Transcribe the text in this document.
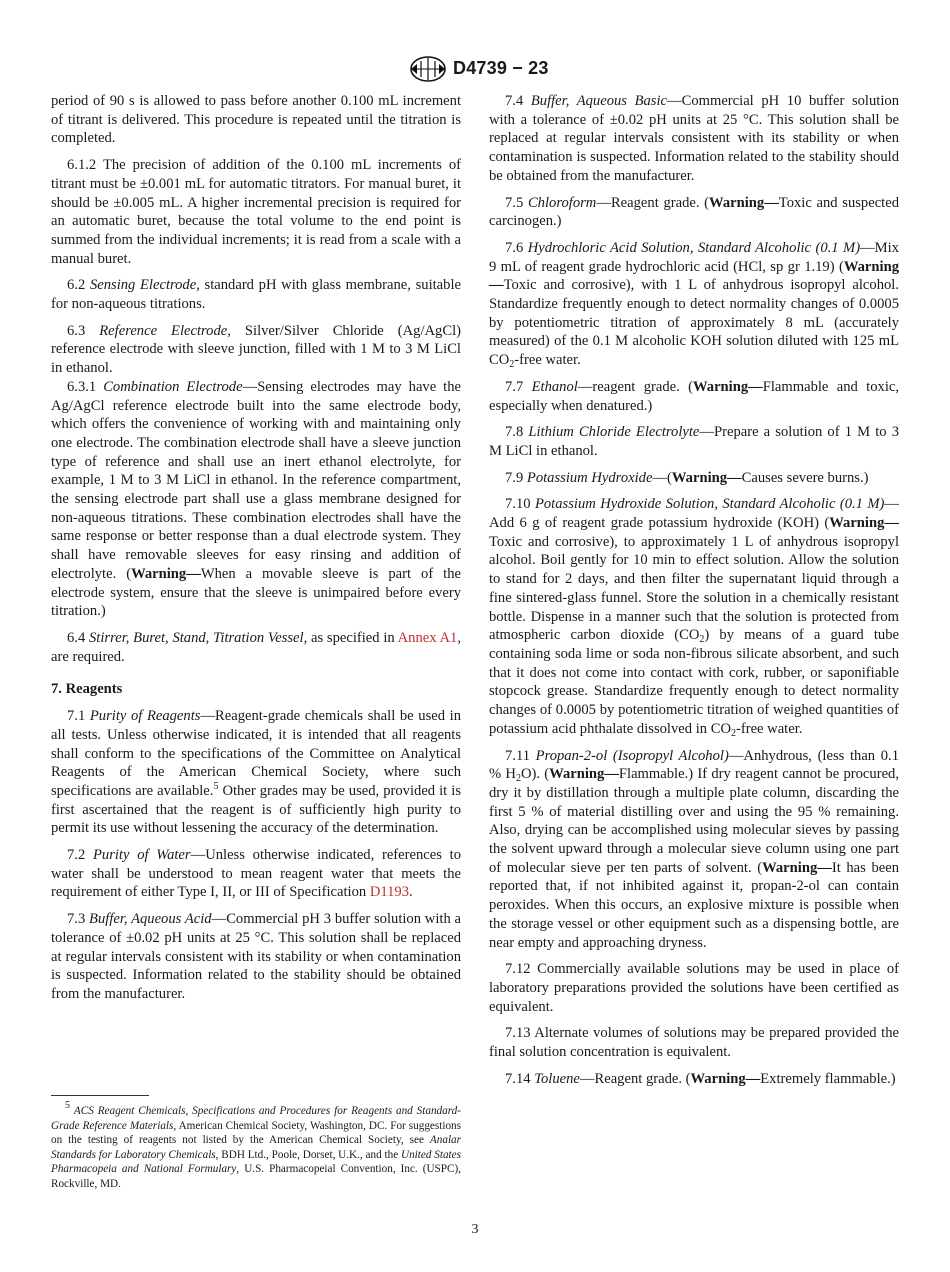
D4739 − 23

period of 90 s is allowed to pass before another 0.100 mL increment of titrant is delivered. This procedure is repeated until the titration is completed.

6.1.2 The precision of addition of the 0.100 mL increments of titrant must be ±0.001 mL for automatic titrators. For manual buret, it should be ±0.005 mL. A higher incremental precision is required for an automatic buret, because the total volume to the end point is summed from the individual increments; it is read from a scale with a manual buret.

6.2 Sensing Electrode, standard pH with glass membrane, suitable for non-aqueous titrations.

6.3 Reference Electrode, Silver/Silver Chloride (Ag/AgCl) reference electrode with sleeve junction, filled with 1 M to 3 M LiCl in ethanol.

6.3.1 Combination Electrode—Sensing electrodes may have the Ag/AgCl reference electrode built into the same electrode body, which offers the convenience of working with and maintaining only one electrode. The combination electrode shall have a sleeve junction type of reference and shall use an inert ethanol electrolyte, for example, 1 M to 3 M LiCl in ethanol. In the reference compartment, the sensing electrode part shall use a glass membrane designed for non-aqueous titrations. These combination electrodes shall have the same response or better response than a dual electrode system. They shall have removable sleeves for easy rinsing and addition of electrolyte. (Warning—When a movable sleeve is part of the electrode system, ensure that the sleeve is unimpaired before every titration.)

6.4 Stirrer, Buret, Stand, Titration Vessel, as specified in Annex A1, are required.

7. Reagents

7.1 Purity of Reagents—Reagent-grade chemicals shall be used in all tests. Unless otherwise indicated, it is intended that all reagents shall conform to the specifications of the Committee on Analytical Reagents of the American Chemical Society, where such specifications are available.$^5$ Other grades may be used, provided it is first ascertained that the reagent is of sufficiently high purity to permit its use without lessening the accuracy of the determination.

7.2 Purity of Water—Unless otherwise indicated, references to water shall be understood to mean reagent water that meets the requirement of either Type I, II, or III of Specification D1193.

7.3 Buffer, Aqueous Acid—Commercial pH 3 buffer solution with a tolerance of ±0.02 pH units at 25 °C. This solution shall be replaced at regular intervals consistent with its stability or when contamination is suspected. Information related to the stability should be obtained from the manufacturer.

$^5$ ACS Reagent Chemicals, Specifications and Procedures for Reagents and Standard-Grade Reference Materials, American Chemical Society, Washington, DC. For suggestions on the testing of reagents not listed by the American Chemical Society, see Analar Standards for Laboratory Chemicals, BDH Ltd., Poole, Dorset, U.K., and the United States Pharmacopeia and National Formulary, U.S. Pharmacopeial Convention, Inc. (USPC), Rockville, MD.

7.4 Buffer, Aqueous Basic—Commercial pH 10 buffer solution with a tolerance of ±0.02 pH units at 25 °C. This solution shall be replaced at regular intervals consistent with its stability or when contamination is suspected. Information related to the stability should be obtained from the manufacturer.

7.5 Chloroform—Reagent grade. (Warning—Toxic and suspected carcinogen.)

7.6 Hydrochloric Acid Solution, Standard Alcoholic (0.1 M)—Mix 9 mL of reagent grade hydrochloric acid (HCl, sp gr 1.19) (Warning—Toxic and corrosive), with 1 L of anhydrous isopropyl alcohol. Standardize frequently enough to detect normality changes of 0.0005 by potentiometric titration of approximately 8 mL (accurately measured) of the 0.1 M alcoholic KOH solution diluted with 125 mL $CO_2$-free water.

7.7 Ethanol—reagent grade. (Warning—Flammable and toxic, especially when denatured.)

7.8 Lithium Chloride Electrolyte—Prepare a solution of 1 M to 3 M LiCl in ethanol.

7.9 Potassium Hydroxide—(Warning—Causes severe burns.)

7.10 Potassium Hydroxide Solution, Standard Alcoholic (0.1 M)—Add 6 g of reagent grade potassium hydroxide (KOH) (Warning—Toxic and corrosive), to approximately 1 L of anhydrous isopropyl alcohol. Boil gently for 10 min to effect solution. Allow the solution to stand for 2 days, and then filter the supernatant liquid through a fine sintered-glass funnel. Store the solution in a chemically resistant bottle. Dispense in a manner such that the solution is protected from atmospheric carbon dioxide $(CO_2)$ by means of a guard tube containing soda lime or soda non-fibrous silicate absorbent, and such that it does not come into contact with cork, rubber, or saponifiable stopcock grease. Standardize frequently enough to detect normality changes of 0.0005 by potentiometric titration of weighed quantities of potassium acid phthalate dissolved in $CO_2$-free water.

7.11 Propan-2-ol (Isopropyl Alcohol)—Anhydrous, (less than 0.1 % $H_2O$). (Warning—Flammable.) If dry reagent cannot be procured, dry it by distillation through a multiple plate column, discarding the first 5 % of material distilling over and using the 95 % remaining. Also, drying can be accomplished using molecular sieves by passing the solvent upward through a molecular sieve column using one part of molecular sieve per ten parts of solvent. (Warning—It has been reported that, if not inhibited against it, propan-2-ol can contain peroxides. When this occurs, an explosive mixture is possible when the storage vessel or other equipment such as a dispensing bottle, are near empty and approaching dryness.

7.12 Commercially available solutions may be used in place of laboratory preparations provided the solutions have been certified as equivalent.

7.13 Alternate volumes of solutions may be prepared provided the final solution concentration is equivalent.

7.14 Toluene—Reagent grade. (Warning—Extremely flammable.)

3
